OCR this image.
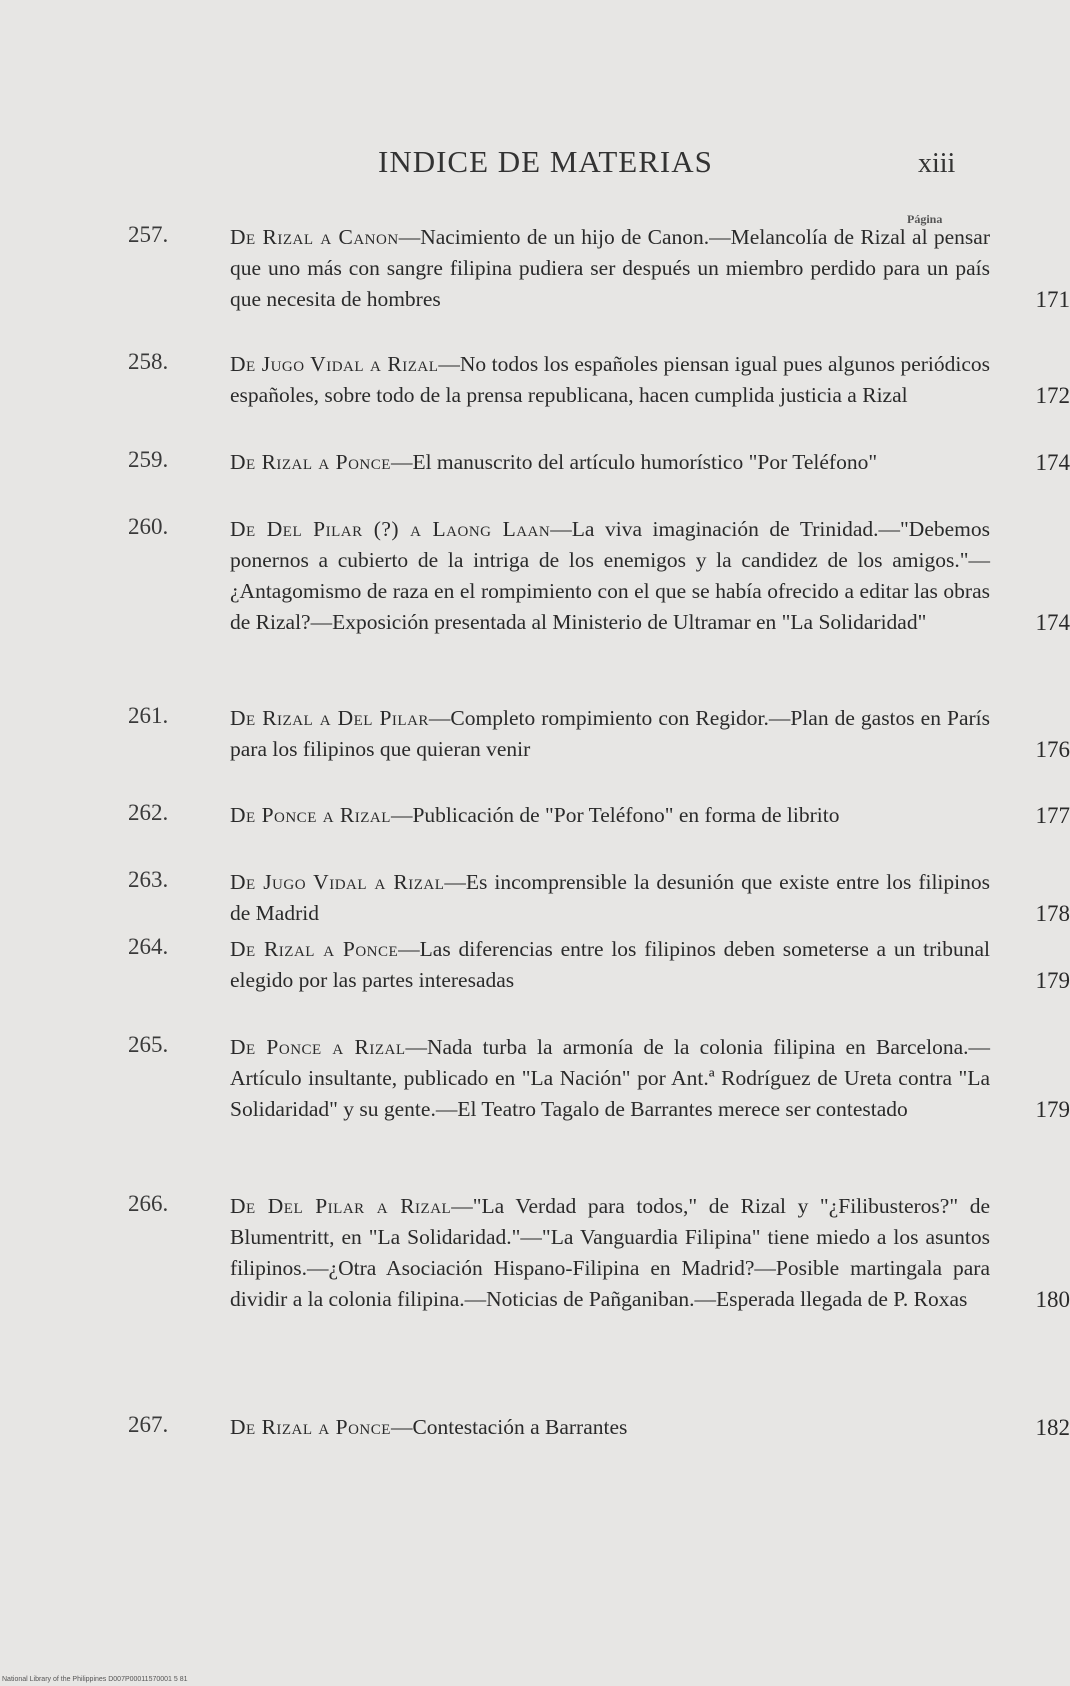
INDICE DE MATERIAS	xiii
Página
257.	De Rizal a Canon—Nacimiento de un hijo de Canon.—Melancolía de Rizal al pensar que uno más con sangre filipina pudiera ser después un miembro perdido para un país que necesita de hombres	171
258.	De Jugo Vidal a Rizal—No todos los españoles piensan igual pues algunos periódicos españoles, sobre todo de la prensa republicana, hacen cumplida justicia a Rizal	172
259.	De Rizal a Ponce—El manuscrito del artículo humorístico "Por Teléfono"	174
260.	De Del Pilar (?) a Laong Laan—La viva imaginación de Trinidad.—"Debemos ponernos a cubierto de la intriga de los enemigos y la candidez de los amigos."—¿Antagomismo de raza en el rompimiento con el que se había ofrecido a editar las obras de Rizal?—Exposición presentada al Ministerio de Ultramar en "La Solidaridad"	174
261.	De Rizal a Del Pilar—Completo rompimiento con Regidor.—Plan de gastos en París para los filipinos que quieran venir	176
262.	De Ponce a Rizal—Publicación de "Por Teléfono" en forma de librito	177
263.	De Jugo Vidal a Rizal—Es incomprensible la desunión que existe entre los filipinos de Madrid	178
264.	De Rizal a Ponce—Las diferencias entre los filipinos deben someterse a un tribunal elegido por las partes interesadas	179
265.	De Ponce a Rizal—Nada turba la armonía de la colonia filipina en Barcelona.—Artículo insultante, publicado en "La Nación" por Ant.ª Rodríguez de Ureta contra "La Solidaridad" y su gente.—El Teatro Tagalo de Barrantes merece ser contestado	179
266.	De Del Pilar a Rizal—"La Verdad para todos," de Rizal y "¿Filibusteros?" de Blumentritt, en "La Solidaridad."—"La Vanguardia Filipina" tiene miedo a los asuntos filipinos.—¿Otra Asociación Hispano-Filipina en Madrid?—Posible martingala para dividir a la colonia filipina.—Noticias de Pañganiban.—Esperada llegada de P. Roxas	180
267.	De Rizal a Ponce—Contestación a Barrantes	182
National Library of the Philippines D007P00011570001 5 81
